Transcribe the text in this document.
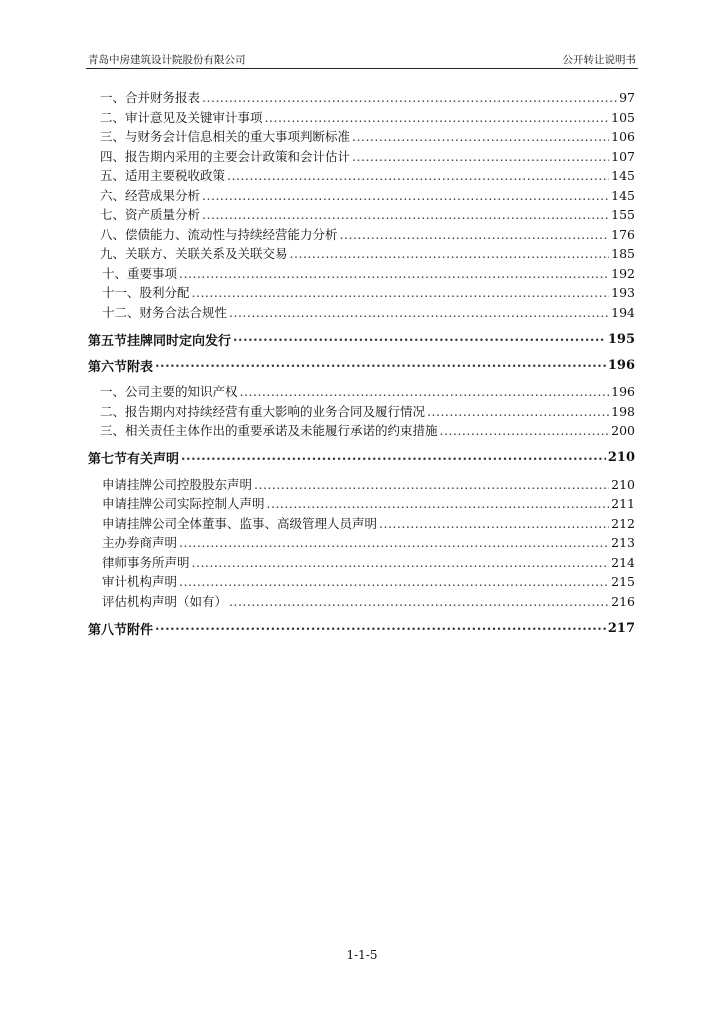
青岛中房建筑设计院股份有限公司	公开转让说明书
一、 合并财务报表 .....	97
二、 审计意见及关键审计事项 .....	105
三、 与财务会计信息相关的重大事项判断标准 .....	106
四、 报告期内采用的主要会计政策和会计估计 .....	107
五、 适用主要税收政策 .....	145
六、 经营成果分析 .....	145
七、 资产质量分析 .....	155
八、 偿债能力、流动性与持续经营能力分析 .....	176
九、 关联方、关联关系及关联交易 .....	185
十、重要事项 .....	192
十一、股利分配 .....	193
十二、财务合法合规性 .....	194
第五节 挂牌同时定向发行 .....	195
第六节 附表 .....	196
一、 公司主要的知识产权 .....	196
二、 报告期内对持续经营有重大影响的业务合同及履行情况 .....	198
三、 相关责任主体作出的重要承诺及未能履行承诺的约束措施 .....	200
第七节 有关声明 .....	210
申请挂牌公司控股股东声明 .....	210
申请挂牌公司实际控制人声明 .....	211
申请挂牌公司全体董事、监事、高级管理人员声明 .....	212
主办券商声明 .....	213
律师事务所声明 .....	214
审计机构声明 .....	215
评估机构声明（如有） .....	216
第八节 附件 .....	217
1-1-5
